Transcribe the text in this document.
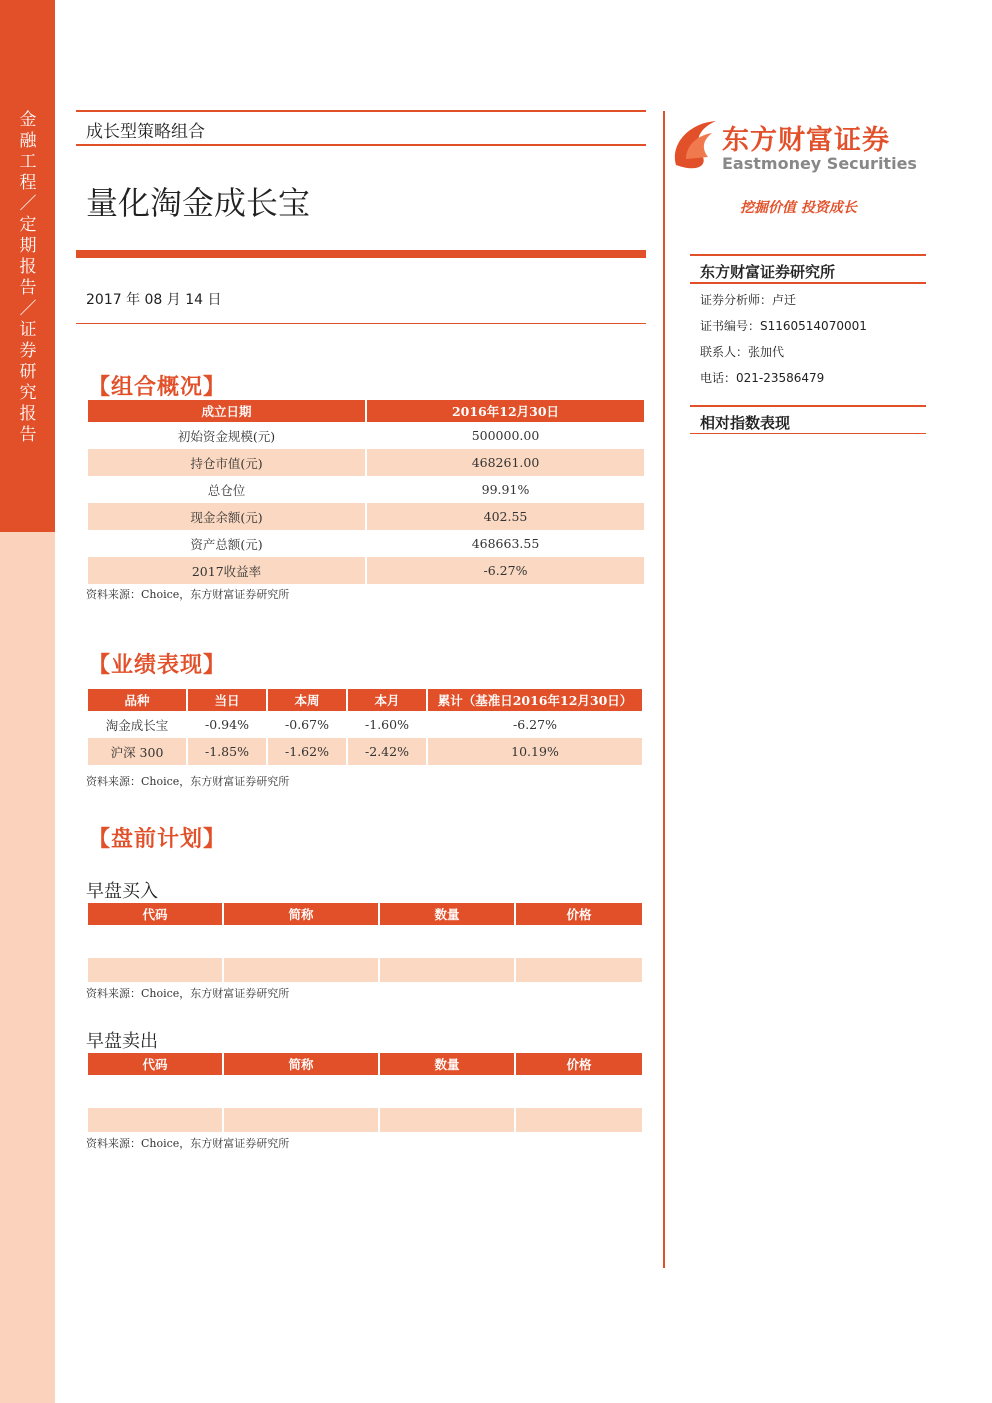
金
融
工
程
／
定
期
报
告
／
证
券
研
究
报
告
成长型策略组合
量化淘金成长宝
2017 年 08 月 14 日
东方财富证券
Eastmoney Securities
挖掘价值 投资成长
东方财富证券研究所
证券分析师：卢迁
证书编号：S1160514070001
联系人：张加代
电话：021-23586479
相对指数表现
【组合概况】
成立日期	2016年12月30日
初始资金规模(元)	500000.00
持仓市值(元)	468261.00
总仓位	99.91%
现金余额(元)	402.55
资产总额(元)	468663.55
2017收益率	-6.27%
资料来源：Choice，东方财富证券研究所
【业绩表现】
品种	当日	本周	本月	累计（基准日2016年12月30日）
淘金成长宝	-0.94%	-0.67%	-1.60%	-6.27%
沪深 300	-1.85%	-1.62%	-2.42%	10.19%
资料来源：Choice，东方财富证券研究所
【盘前计划】
早盘买入
代码	简称	数量	价格

资料来源：Choice，东方财富证券研究所
早盘卖出
代码	简称	数量	价格

资料来源：Choice，东方财富证券研究所
